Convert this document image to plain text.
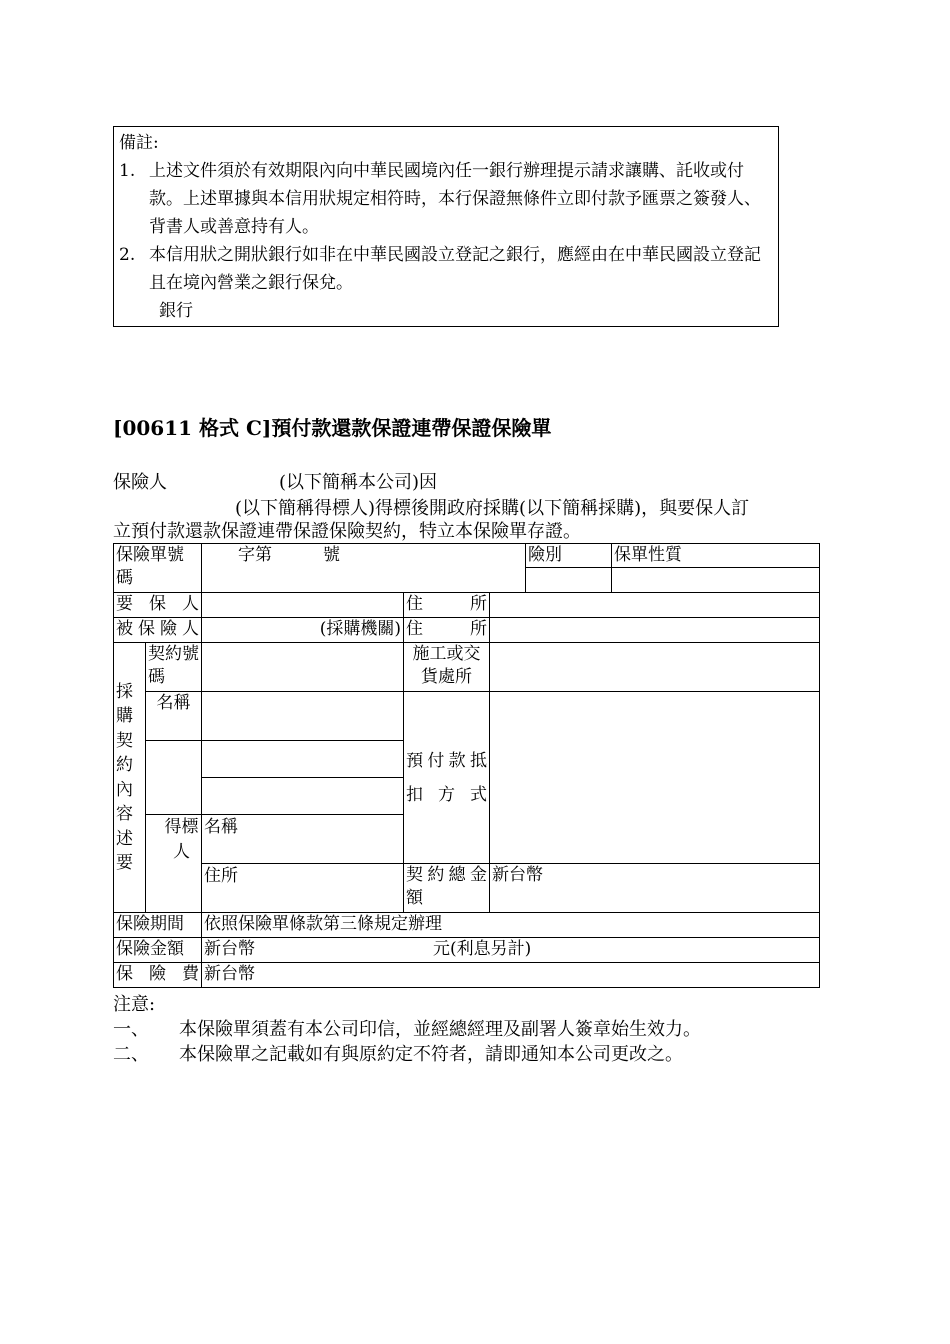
備註:
1. 上述文件須於有效期限內向中華民國境內任一銀行辦理提示請求讓購、託收或付款。上述單據與本信用狀規定相符時，本行保證無條件立即付款予匯票之簽發人、背書人或善意持有人。
2. 本信用狀之開狀銀行如非在中華民國設立登記之銀行，應經由在中華民國設立登記且在境內營業之銀行保兌。
銀行
[00611 格式 C]預付款還款保證連帶保證保險單
保險人	(以下簡稱本公司)因
(以下簡稱得標人)得標後開政府採購(以下簡稱採購)，與要保人訂
立預付款還款保證連帶保證保險契約，特立本保險單存證。
保險單號碼		　　字第　　　號			險別	保單性質

要保人			住所			
被保險人		(採購機關)	住所			
採購契約內容述要	契約號碼		施工或交貨處所			
	名稱		預付款抵扣方式			

	得標人	名稱				
		住所	契約總金額	新台幣		
保險期間		依照保險單條款第三條規定辦理				
保險金額		新台幣 元(利息另計)				
保險費		新台幣				
注意:
一、 本保險單須蓋有本公司印信，並經總經理及副署人簽章始生效力。
二、 本保險單之記載如有與原約定不符者，請即通知本公司更改之。
